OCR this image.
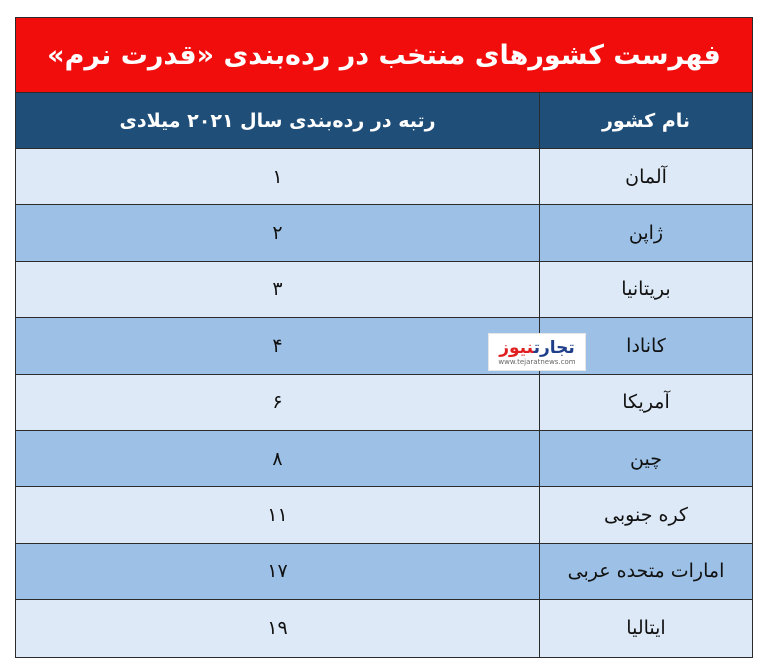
فهرست کشورهای منتخب در رده‌بندی «قدرت نرم»
نام کشور
رتبه در رده‌بندی سال ۲۰۲۱ میلادی
آلمان
۱
ژاپن
۲
بریتانیا
۳
کانادا
۴
آمریکا
۶
چین
۸
کره جنوبی
۱۱
امارات متحده عربی
۱۷
ایتالیا
۱۹
تجارتنیوز
www.tejaratnews.com
